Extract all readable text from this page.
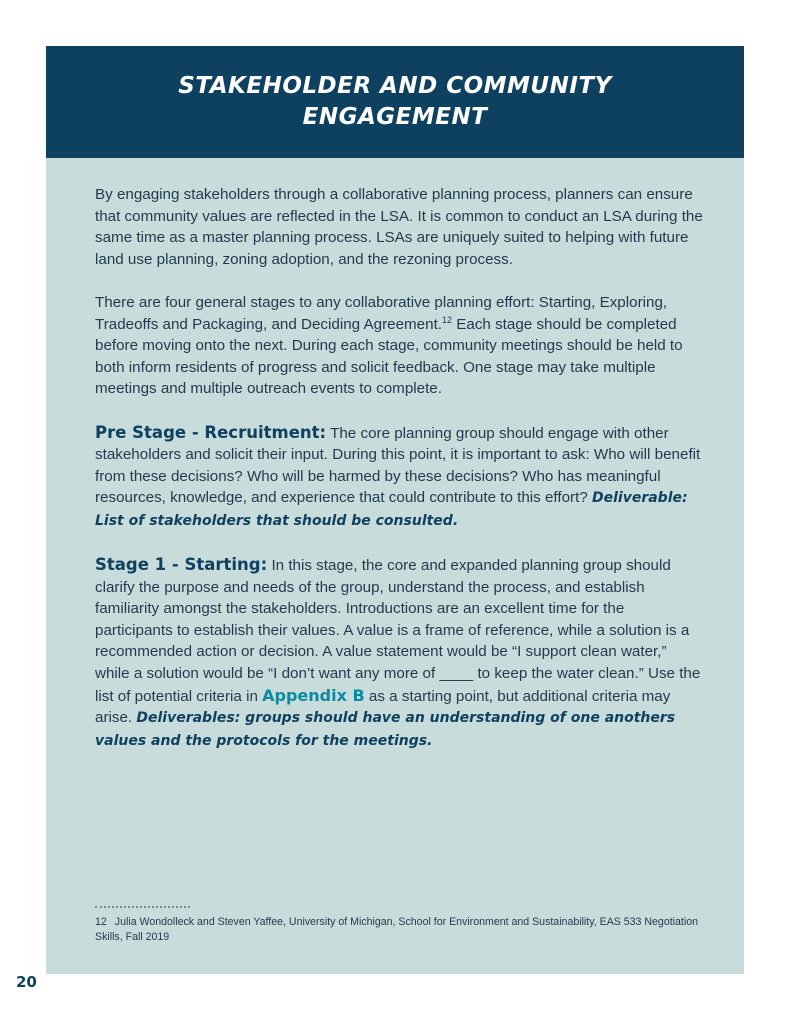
STAKEHOLDER AND COMMUNITY ENGAGEMENT

By engaging stakeholders through a collaborative planning process, planners can ensure that community values are reflected in the LSA. It is common to conduct an LSA during the same time as a master planning process. LSAs are uniquely suited to helping with future land use planning, zoning adoption, and the rezoning process.

There are four general stages to any collaborative planning effort: Starting, Exploring, Tradeoffs and Packaging, and Deciding Agreement.$^{12}$ Each stage should be completed before moving onto the next. During each stage, community meetings should be held to both inform residents of progress and solicit feedback. One stage may take multiple meetings and multiple outreach events to complete.

Pre Stage - Recruitment: The core planning group should engage with other stakeholders and solicit their input. During this point, it is important to ask: Who will benefit from these decisions? Who will be harmed by these decisions? Who has meaningful resources, knowledge, and experience that could contribute to this effort? Deliverable: List of stakeholders that should be consulted.

Stage 1 - Starting: In this stage, the core and expanded planning group should clarify the purpose and needs of the group, understand the process, and establish familiarity amongst the stakeholders. Introductions are an excellent time for the participants to establish their values. A value is a frame of reference, while a solution is a recommended action or decision. A value statement would be “I support clean water,” while a solution would be “I don’t want any more of ____ to keep the water clean.” Use the list of potential criteria in Appendix B as a starting point, but additional criteria may arise. Deliverables: groups should have an understanding of one anothers values and the protocols for the meetings.

12 Julia Wondolleck and Steven Yaffee, University of Michigan, School for Environment and Sustainability, EAS 533 Negotiation Skills, Fall 2019
20
